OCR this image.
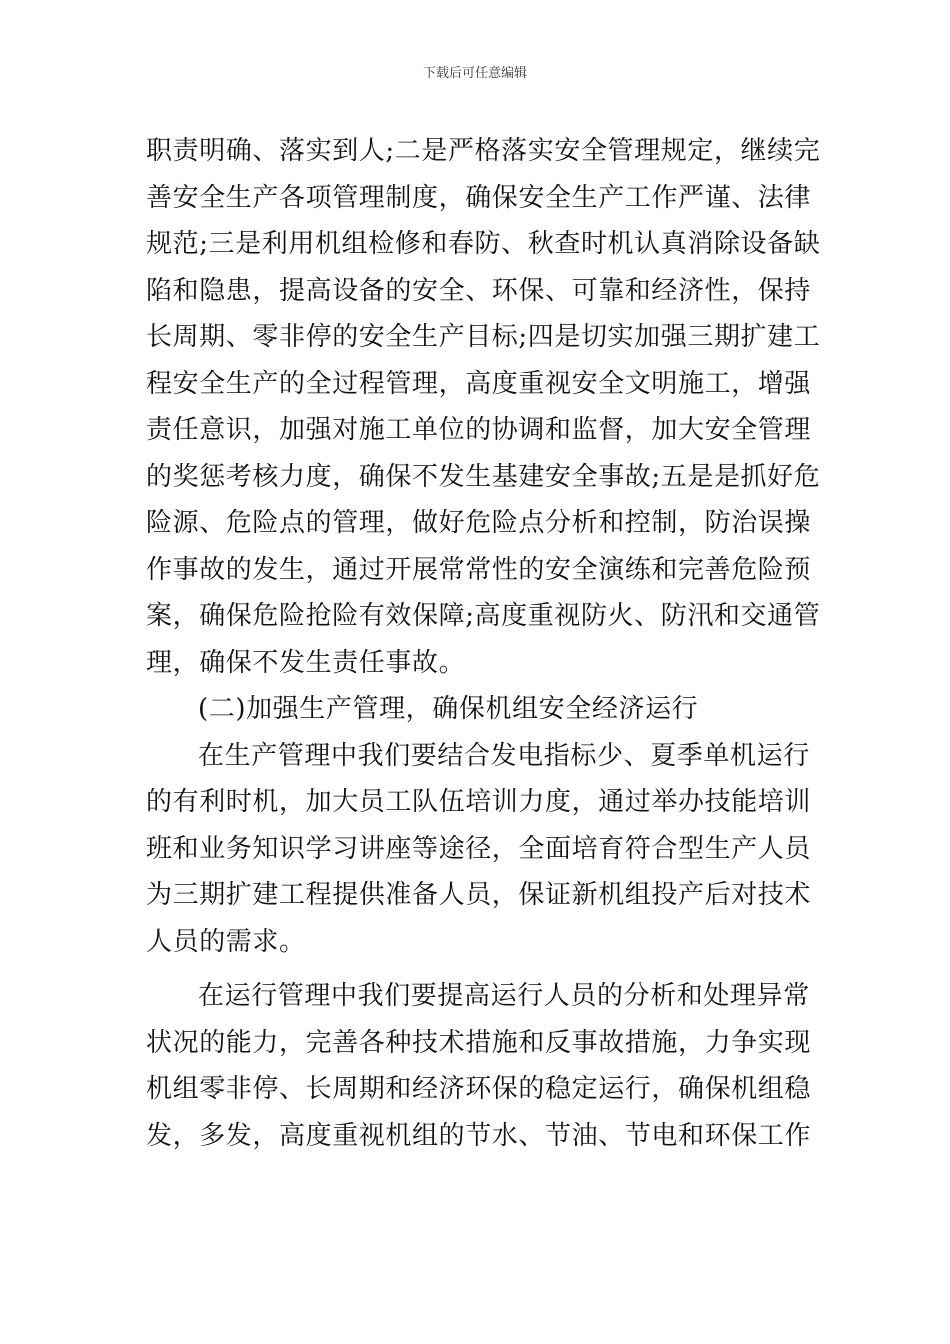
下载后可任意编辑
职责明确、落实到人;二是严格落实安全管理规定，继续完
善安全生产各项管理制度，确保安全生产工作严谨、法律
规范;三是利用机组检修和春防、秋查时机认真消除设备缺
陷和隐患，提高设备的安全、环保、可靠和经济性，保持
长周期、零非停的安全生产目标;四是切实加强三期扩建工
程安全生产的全过程管理，高度重视安全文明施工，增强
责任意识，加强对施工单位的协调和监督，加大安全管理
的奖惩考核力度，确保不发生基建安全事故;五是是抓好危
险源、危险点的管理，做好危险点分析和控制，防治误操
作事故的发生，通过开展常常性的安全演练和完善危险预
案，确保危险抢险有效保障;高度重视防火、防汛和交通管
理，确保不发生责任事故。
(二)加强生产管理，确保机组安全经济运行
在生产管理中我们要结合发电指标少、夏季单机运行
的有利时机，加大员工队伍培训力度，通过举办技能培训
班和业务知识学习讲座等途径，全面培育符合型生产人员
为三期扩建工程提供准备人员，保证新机组投产后对技术
人员的需求。
在运行管理中我们要提高运行人员的分析和处理异常
状况的能力，完善各种技术措施和反事故措施，力争实现
机组零非停、长周期和经济环保的稳定运行，确保机组稳
发，多发，高度重视机组的节水、节油、节电和环保工作
